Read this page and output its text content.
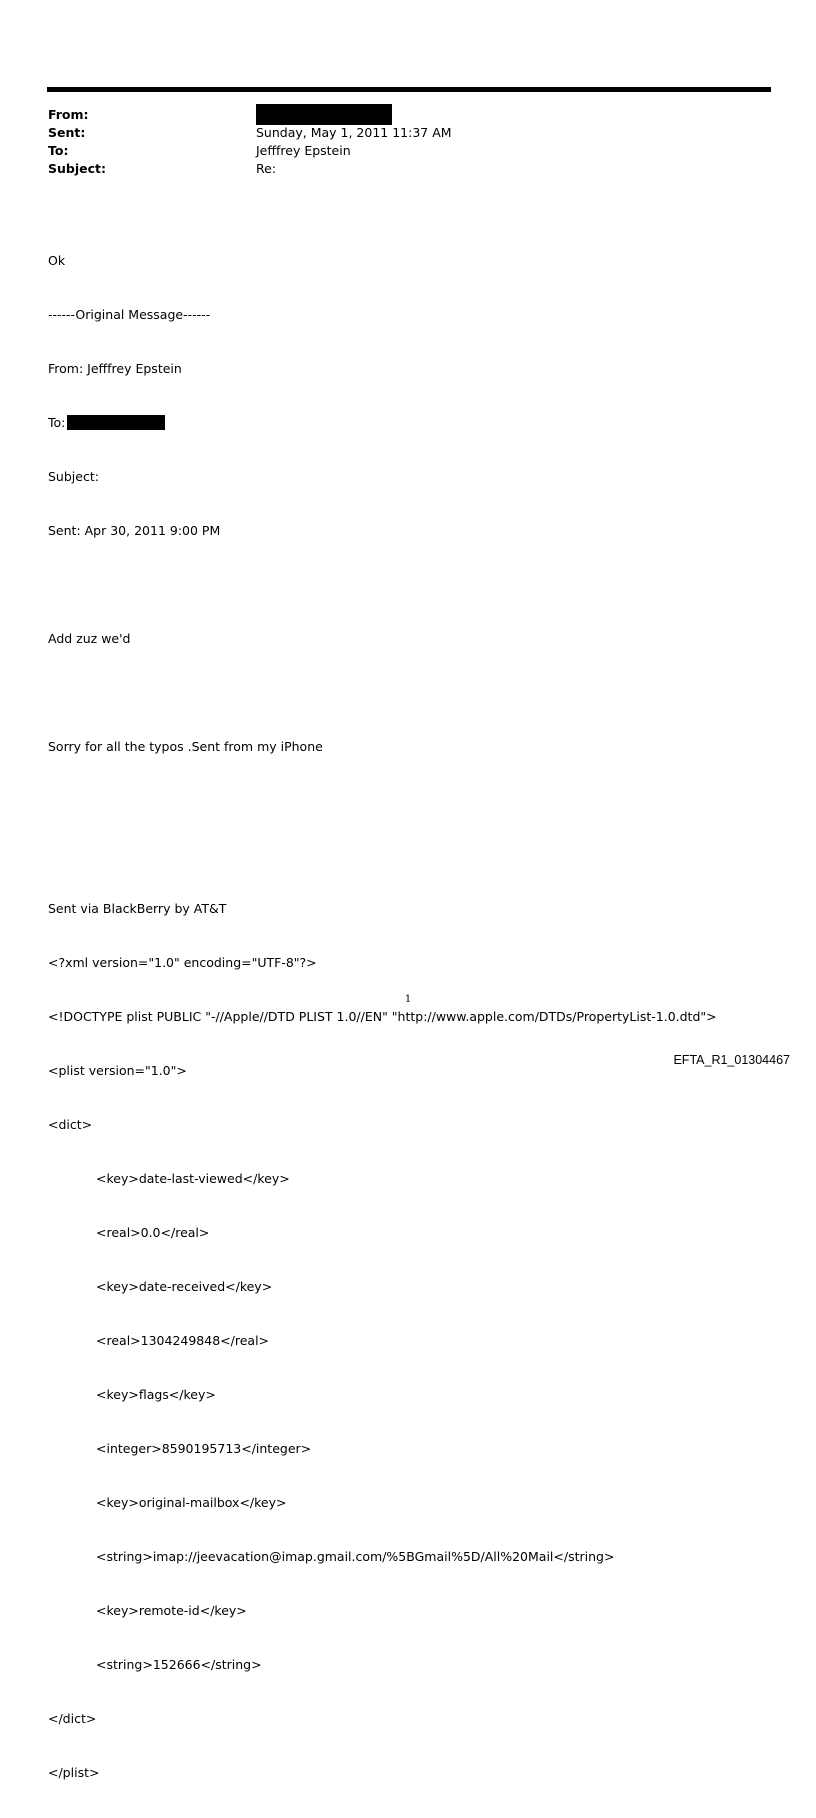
From:
Sent:	Sunday, May 1, 2011 11:37 AM
To:	Jefffrey Epstein
Subject:	Re:

Ok

------Original Message------

From: Jefffrey Epstein

To:

Subject:

Sent: Apr 30, 2011 9:00 PM

Add zuz we'd

Sorry for all the typos .Sent from my iPhone

Sent via BlackBerry by AT&T

<?xml version="1.0" encoding="UTF-8"?>

<!DOCTYPE plist PUBLIC "-//Apple//DTD PLIST 1.0//EN" "http://www.apple.com/DTDs/PropertyList-1.0.dtd">

<plist version="1.0">

<dict>

<key>date-last-viewed</key>

<real>0.0</real>

<key>date-received</key>

<real>1304249848</real>

<key>flags</key>

<integer>8590195713</integer>

<key>original-mailbox</key>

<string>imap://jeevacation@imap.gmail.com/%5BGmail%5D/All%20Mail</string>

<key>remote-id</key>

<string>152666</string>

</dict>

</plist>

1
EFTA_R1_01304467
